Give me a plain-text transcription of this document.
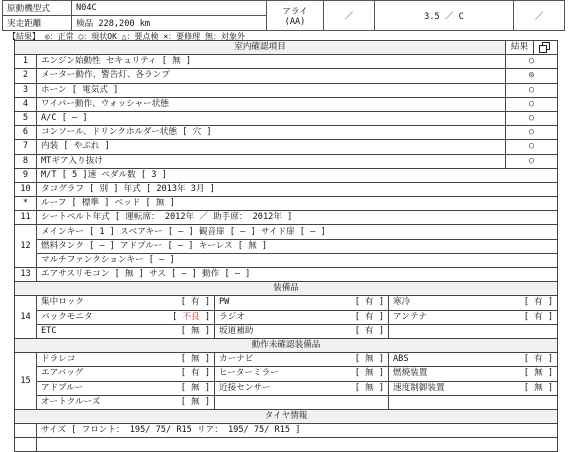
原動機型式	N04C	アライ
(AA)	／	3.5 ／ C	／
実走距離	検品 228,200 km				
【結果】 ◎：正常 ○：現状OK △：要点検 ×：要修理 無：対象外
室内確認項目				結果	
1	エンジン始動性 セキュリティ [ 無 ]			○	
2	メーター動作、警告灯、各ランプ			◎	
3	ホーン [ 電気式 ]			○	
4	ワイパー動作、ウォッシャー状態			○	
5	A/C [ ― ]			○	
6	コンソール、ドリンクホルダー状態 [ 穴 ]			○	
7	内装 [ やぶれ ]			○	
8	MTギア入り抜け			○	
9	M/T [ 5 ]速 ペダル数 [ 3 ]				
10	タコグラフ [ 別 ] 年式 [ 2013年 3月 ]				
*	ルーフ [ 標準 ] ベッド [ 無 ]				
11	シートベルト年式 [ 運転席： 2012年 ／ 助手席： 2012年 ]				
12	メインキー [ 1 ] スペアキー [ ― ] 観音扉 [ ― ] サイド扉 [ ― ]				
	燃料タンク [ ― ] アドブルー [ ― ] キーレス [ 無 ]				
	マルチファンクションキー [ ― ]				
13	エアサスリモコン [ 無 ] サス [ ― ] 動作 [ ― ]				
装備品					
14	集中ロック [ 有 ]	PW [ 有 ]	寒冷 [ 有 ]		

	バックモニタ [ 不良 ]	ラジオ [ 有 ]	アンテナ [ 有 ]		

	ETC [ 無 ]	坂道補助 [ 有 ]			

動作未確認装備品					
15	ドラレコ [ 無 ]	カーナビ [ 無 ]	ABS [ 有 ]		

	エアバッグ [ 有 ]	ヒーターミラー [ 無 ]	燃焼装置 [ 無 ]		

	アドブルー [ 無 ]	近接センサー [ 無 ]	速度制御装置 [ 無 ]		

	オートクルーズ [ 無 ]				

タイヤ情報					
	サイズ [ フロント： 195/ 75/ R15 リア： 195/ 75/ R15 ]				
